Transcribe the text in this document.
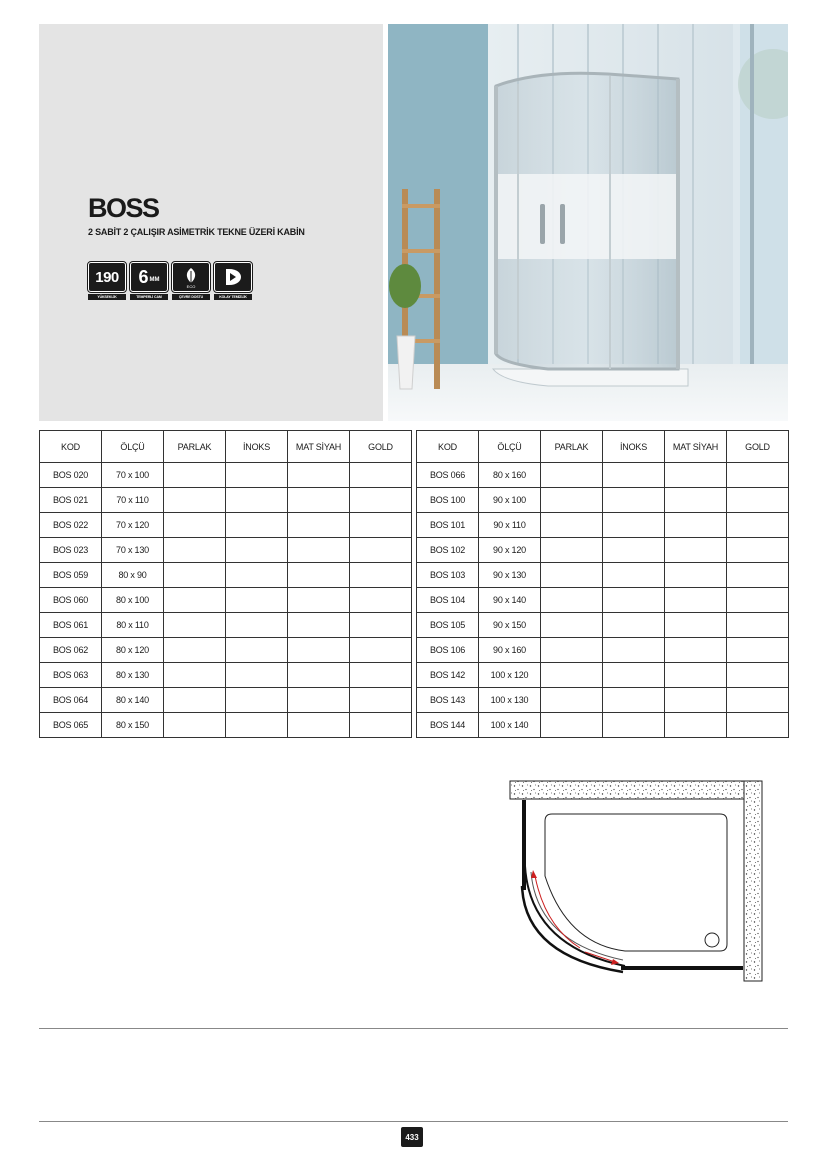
BOSS
2 SABİT 2 ÇALIŞIR ASİMETRİK TEKNE ÜZERİ KABİN
190
YÜKSEKLİK
6 MM
TEMPERLİ CAM
ECO
ÇEVRE DOSTU	KOLAY TEMİZLİK
KOD	ÖLÇÜ	PARLAK	İNOKS	MAT SİYAH	GOLD
BOS 020	70 x 100				
BOS 021	70 x 110				
BOS 022	70 x 120				
BOS 023	70 x 130				
BOS 059	80 x 90				
BOS 060	80 x 100				
BOS 061	80 x 110				
BOS 062	80 x 120				
BOS 063	80 x 130				
BOS 064	80 x 140				
BOS 065	80 x 150				
KOD	ÖLÇÜ	PARLAK	İNOKS	MAT SİYAH	GOLD
BOS 066	80 x 160				
BOS 100	90 x 100				
BOS 101	90 x 110				
BOS 102	90 x 120				
BOS 103	90 x 130				
BOS 104	90 x 140				
BOS 105	90 x 150				
BOS 106	90 x 160				
BOS 142	100 x 120				
BOS 143	100 x 130				
BOS 144	100 x 140				
433
